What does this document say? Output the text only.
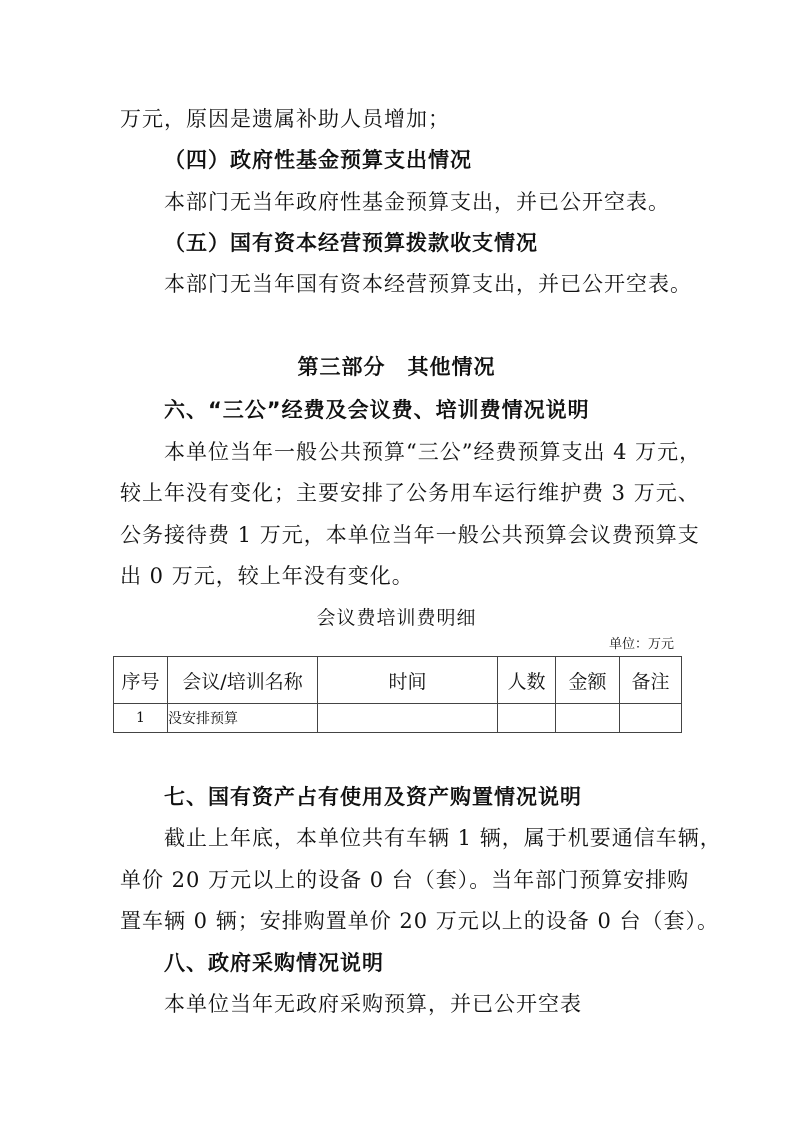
万元，原因是遗属补助人员增加；
（四）政府性基金预算支出情况
本部门无当年政府性基金预算支出，并已公开空表。
（五）国有资本经营预算拨款收支情况
本部门无当年国有资本经营预算支出，并已公开空表。
第三部分　其他情况
六、“三公”经费及会议费、培训费情况说明
本单位当年一般公共预算“三公”经费预算支出 4 万元，
较上年没有变化；主要安排了公务用车运行维护费 3 万元、
公务接待费 1 万元，本单位当年一般公共预算会议费预算支
出 0 万元，较上年没有变化。
会议费培训费明细
单位：万元
序号	会议/培训名称	时间	人数	金额	备注
1	没安排预算				
七、国有资产占有使用及资产购置情况说明
截止上年底，本单位共有车辆 1 辆，属于机要通信车辆，
单价 20 万元以上的设备 0 台（套）。当年部门预算安排购
置车辆 0 辆；安排购置单价 20 万元以上的设备 0 台（套）。
八、政府采购情况说明
本单位当年无政府采购预算，并已公开空表
